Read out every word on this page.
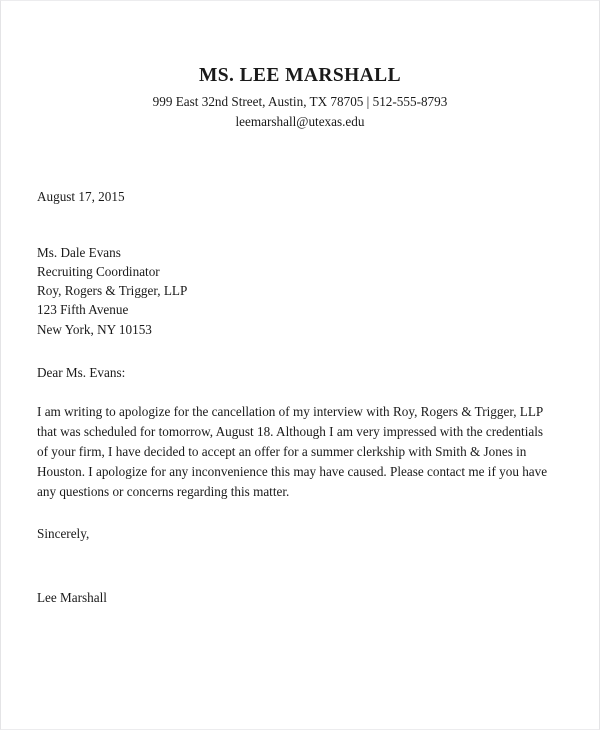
MS. LEE MARSHALL
999 East 32nd Street, Austin, TX 78705 | 512-555-8793
leemarshall@utexas.edu
August 17, 2015
Ms. Dale Evans
Recruiting Coordinator
Roy, Rogers & Trigger, LLP
123 Fifth Avenue
New York, NY 10153
Dear Ms. Evans:

I am writing to apologize for the cancellation of my interview with Roy, Rogers & Trigger, LLP that was scheduled for tomorrow, August 18. Although I am very impressed with the credentials of your firm, I have decided to accept an offer for a summer clerkship with Smith & Jones in Houston. I apologize for any inconvenience this may have caused. Please contact me if you have any questions or concerns regarding this matter.

Sincerely,
Lee Marshall
